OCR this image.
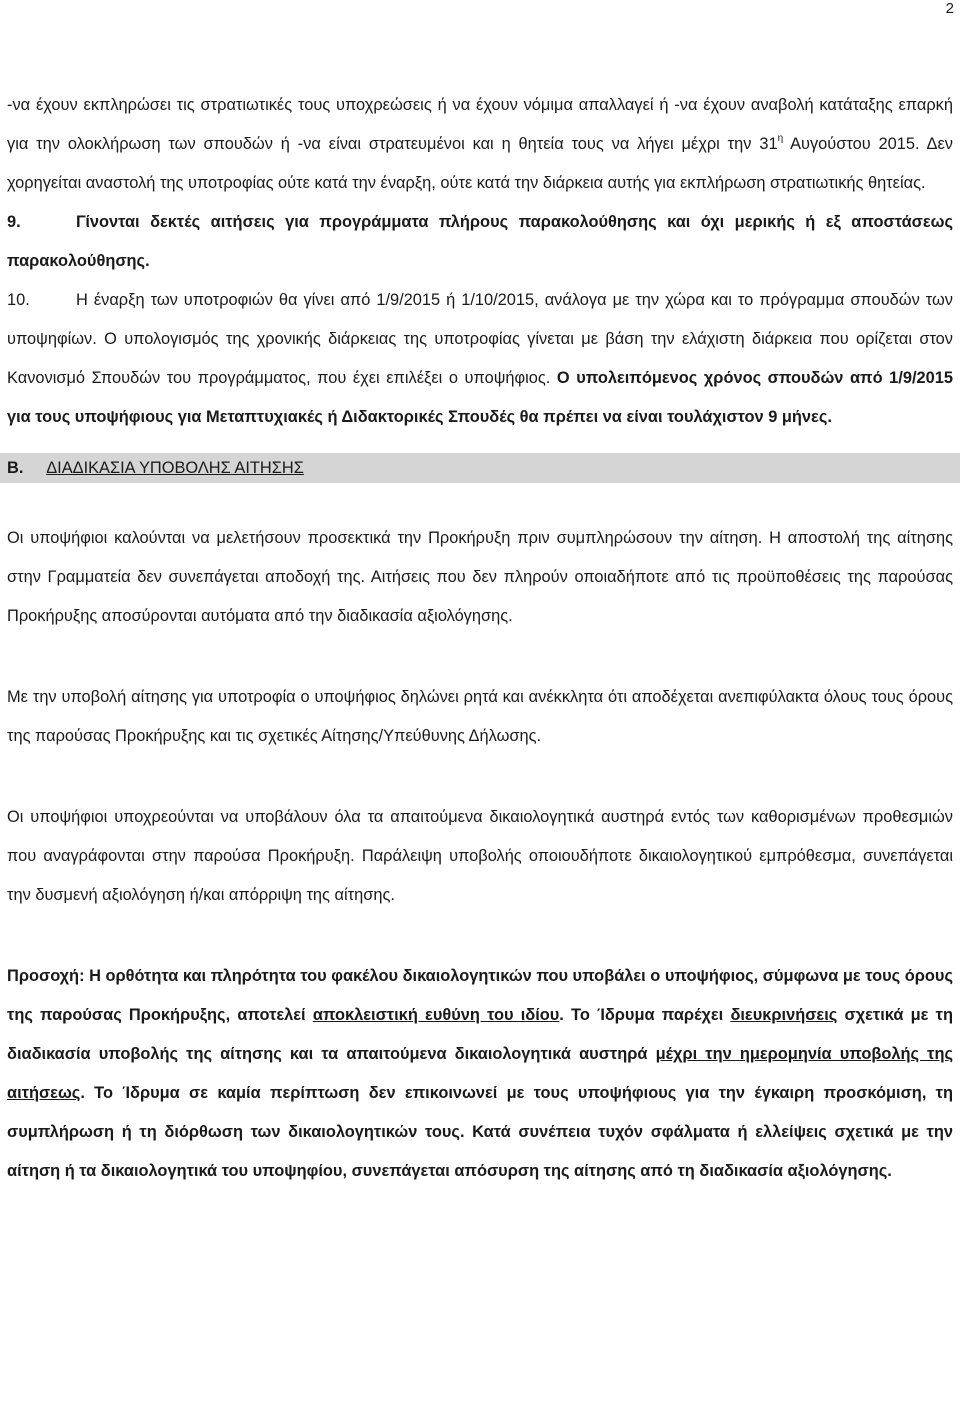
2

-να έχουν εκπληρώσει τις στρατιωτικές τους υποχρεώσεις ή να έχουν νόμιμα απαλλαγεί ή -να έχουν αναβολή κατάταξης επαρκή για την ολοκλήρωση των σπουδών ή -να είναι στρατευμένοι και η θητεία τους να λήγει μέχρι την $31^\eta$ Αυγούστου 2015. Δεν χορηγείται αναστολή της υποτροφίας ούτε κατά την έναρξη, ούτε κατά την διάρκεια αυτής για εκπλήρωση στρατιωτικής θητείας.

9.	Γίνονται δεκτές αιτήσεις για προγράμματα πλήρους παρακολούθησης και όχι μερικής ή εξ αποστάσεως παρακολούθησης.

10.	Η έναρξη των υποτροφιών θα γίνει από 1/9/2015 ή 1/10/2015, ανάλογα με την χώρα και το πρόγραμμα σπουδών των υποψηφίων. Ο υπολογισμός της χρονικής διάρκειας της υποτροφίας γίνεται με βάση την ελάχιστη διάρκεια που ορίζεται στον Κανονισμό Σπουδών του προγράμματος, που έχει επιλέξει ο υποψήφιος. Ο υπολειπόμενος χρόνος σπουδών από 1/9/2015 για τους υποψήφιους για Μεταπτυχιακές ή Διδακτορικές Σπουδές θα πρέπει να είναι τουλάχιστον 9 μήνες.

B. ΔΙΑΔΙΚΑΣΙΑ ΥΠΟΒΟΛΗΣ ΑΙΤΗΣΗΣ

Οι υποψήφιοι καλούνται να μελετήσουν προσεκτικά την Προκήρυξη πριν συμπληρώσουν την αίτηση. Η αποστολή της αίτησης στην Γραμματεία δεν συνεπάγεται αποδοχή της. Αιτήσεις που δεν πληρούν οποιαδήποτε από τις προϋποθέσεις της παρούσας Προκήρυξης αποσύρονται αυτόματα από την διαδικασία αξιολόγησης.

Με την υποβολή αίτησης για υποτροφία ο υποψήφιος δηλώνει ρητά και ανέκκλητα ότι αποδέχεται ανεπιφύλακτα όλους τους όρους της παρούσας Προκήρυξης και τις σχετικές Αίτησης/Υπεύθυνης Δήλωσης.

Οι υποψήφιοι υποχρεούνται να υποβάλουν όλα τα απαιτούμενα δικαιολογητικά αυστηρά εντός των καθορισμένων προθεσμιών που αναγράφονται στην παρούσα Προκήρυξη. Παράλειψη υποβολής οποιουδήποτε δικαιολογητικού εμπρόθεσμα, συνεπάγεται την δυσμενή αξιολόγηση ή/και απόρριψη της αίτησης.

Προσοχή: Η ορθότητα και πληρότητα του φακέλου δικαιολογητικών που υποβάλει ο υποψήφιος, σύμφωνα με τους όρους της παρούσας Προκήρυξης, αποτελεί αποκλειστική ευθύνη του ιδίου. Το Ίδρυμα παρέχει διευκρινήσεις σχετικά με τη διαδικασία υποβολής της αίτησης και τα απαιτούμενα δικαιολογητικά αυστηρά μέχρι την ημερομηνία υποβολής της αιτήσεως. Το Ίδρυμα σε καμία περίπτωση δεν επικοινωνεί με τους υποψήφιους για την έγκαιρη προσκόμιση, τη συμπλήρωση ή τη διόρθωση των δικαιολογητικών τους. Κατά συνέπεια τυχόν σφάλματα ή ελλείψεις σχετικά με την αίτηση ή τα δικαιολογητικά του υποψηφίου, συνεπάγεται απόσυρση της αίτησης από τη διαδικασία αξιολόγησης.
